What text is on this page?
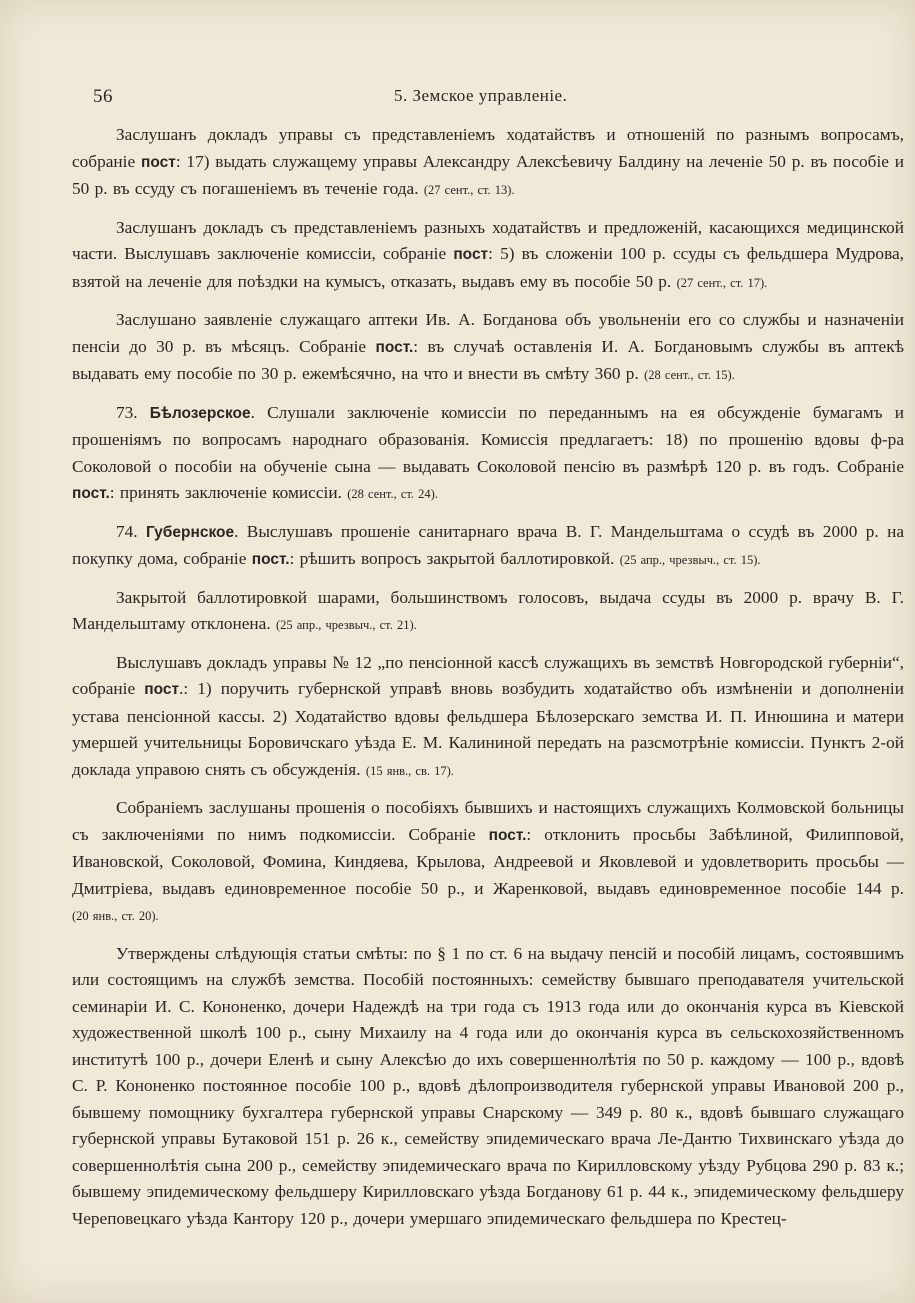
56	5. Земское управленіе.

Заслушанъ докладъ управы съ представленіемъ ходатайствъ и отношеній по разнымъ вопросамъ, собраніе пост: 17) выдать служащему управы Александру Алексѣевичу Балдину на леченіе 50 р. въ пособіе и 50 р. въ ссуду съ погашеніемъ въ теченіе года. (27 сент., ст. 13).

Заслушанъ докладъ съ представленіемъ разныхъ ходатайствъ и предложеній, касающихся медицинской части. Выслушавъ заключеніе комиссіи, собраніе пост: 5) въ сложеніи 100 р. ссуды съ фельдшера Мудрова, взятой на леченіе для поѣздки на кумысъ, отказать, выдавъ ему въ пособіе 50 р. (27 сент., ст. 17).

Заслушано заявленіе служащаго аптеки Ив. А. Богданова объ увольненіи его со службы и назначеніи пенсіи до 30 р. въ мѣсяцъ. Собраніе пост.: въ случаѣ оставленія И. А. Богдановымъ службы въ аптекѣ выдавать ему пособіе по 30 р. ежемѣсячно, на что и внести въ смѣту 360 р. (28 сент., ст. 15).

73. Бѣлозерское. Слушали заключеніе комиссіи по переданнымъ на ея обсужденіе бумагамъ и прошеніямъ по вопросамъ народнаго образованія. Комиссія предлагаетъ: 18) по прошенію вдовы ф-ра Соколовой о пособіи на обученіе сына — выдавать Соколовой пенсію въ размѣрѣ 120 р. въ годъ. Собраніе пост.: принять заключеніе комиссіи. (28 сент., ст. 24).

74. Губернское. Выслушавъ прошеніе санитарнаго врача В. Г. Мандельштама о ссудѣ въ 2000 р. на покупку дома, собраніе пост.: рѣшить вопросъ закрытой баллотировкой. (25 апр., чрезвыч., ст. 15).

Закрытой баллотировкой шарами, большинствомъ голосовъ, выдача ссуды въ 2000 р. врачу В. Г. Мандельштаму отклонена. (25 апр., чрезвыч., ст. 21).

Выслушавъ докладъ управы № 12 „по пенсіонной кассѣ служащихъ въ земствѣ Новгородской губерніи“, собраніе пост.: 1) поручить губернской управѣ вновь возбудить ходатайство объ измѣненіи и дополненіи устава пенсіонной кассы. 2) Ходатайство вдовы фельдшера Бѣлозерскаго земства И. П. Инюшина и матери умершей учительницы Боровичскаго уѣзда Е. М. Калининой передать на разсмотрѣніе комиссіи. Пунктъ 2-ой доклада управою снять съ обсужденія. (15 янв., св. 17).

Собраніемъ заслушаны прошенія о пособіяхъ бывшихъ и настоящихъ служащихъ Колмовской больницы съ заключеніями по нимъ подкомиссіи. Собраніе пост.: отклонить просьбы Забѣлиной, Филипповой, Ивановской, Соколовой, Фомина, Киндяева, Крылова, Андреевой и Яковлевой и удовлетворить просьбы — Дмитріева, выдавъ единовременное пособіе 50 р., и Жаренковой, выдавъ единовременное пособіе 144 р. (20 янв., ст. 20).

Утверждены слѣдующія статьи смѣты: по § 1 по ст. 6 на выдачу пенсій и пособій лицамъ, состоявшимъ или состоящимъ на службѣ земства. Пособій постоянныхъ: семейству бывшаго преподавателя учительской семинаріи И. С. Кононенко, дочери Надеждѣ на три года съ 1913 года или до окончанія курса въ Кіевской художественной школѣ 100 р., сыну Михаилу на 4 года или до окончанія курса въ сельскохозяйственномъ институтѣ 100 р., дочери Еленѣ и сыну Алексѣю до ихъ совершеннолѣтія по 50 р. каждому — 100 р., вдовѣ С. Р. Кононенко постоянное пособіе 100 р., вдовѣ дѣлопроизводителя губернской управы Ивановой 200 р., бывшему помощнику бухгалтера губернской управы Снарскому — 349 р. 80 к., вдовѣ бывшаго служащаго губернской управы Бутаковой 151 р. 26 к., семейству эпидемическаго врача Ле-Дантю Тихвинскаго уѣзда до совершеннолѣтія сына 200 р., семейству эпидемическаго врача по Кирилловскому уѣзду Рубцова 290 р. 83 к.; бывшему эпидемическому фельдшеру Кирилловскаго уѣзда Богданову 61 р. 44 к., эпидемическому фельдшеру Череповецкаго уѣзда Кантору 120 р., дочери умершаго эпидемическаго фельдшера по Крестец-
